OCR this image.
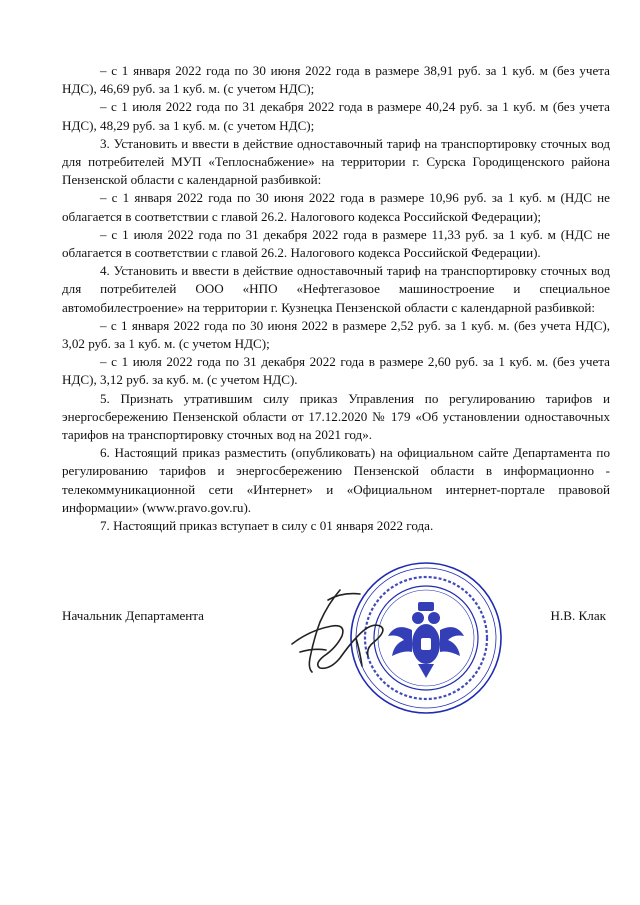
– с 1 января 2022 года по 30 июня 2022 года в размере 38,91 руб. за 1 куб. м (без учета НДС), 46,69 руб. за 1 куб. м. (с учетом НДС);

– с 1 июля 2022 года по 31 декабря 2022 года в размере 40,24 руб. за 1 куб. м (без учета НДС), 48,29 руб. за 1 куб. м. (с учетом НДС);

3. Установить и ввести в действие одноставочный тариф на транспортировку сточных вод для потребителей МУП «Теплоснабжение» на территории г. Сурска Городищенского района Пензенской области с календарной разбивкой:

– с 1 января 2022 года по 30 июня 2022 года в размере 10,96 руб. за 1 куб. м (НДС не облагается в соответствии с главой 26.2. Налогового кодекса Российской Федерации);

– с 1 июля 2022 года по 31 декабря 2022 года в размере 11,33 руб. за 1 куб. м (НДС не облагается в соответствии с главой 26.2. Налогового кодекса Российской Федерации).

4. Установить и ввести в действие одноставочный тариф на транспортировку сточных вод для потребителей ООО «НПО «Нефтегазовое машиностроение и специальное автомобилестроение» на территории г. Кузнецка Пензенской области с календарной разбивкой:

– с 1 января 2022 года по 30 июня 2022 в размере 2,52 руб. за 1 куб. м. (без учета НДС), 3,02 руб. за 1 куб. м. (с учетом НДС);

– с 1 июля 2022 года по 31 декабря 2022 года в размере 2,60 руб. за 1 куб. м. (без учета НДС), 3,12 руб. за куб. м. (с учетом НДС).

5. Признать утратившим силу приказ Управления по регулированию тарифов и энергосбережению Пензенской области от 17.12.2020 № 179 «Об установлении одноставочных тарифов на транспортировку сточных вод на 2021 год».

6. Настоящий приказ разместить (опубликовать) на официальном сайте Департамента по регулированию тарифов и энергосбережению Пензенской области в информационно - телекоммуникационной сети «Интернет» и «Официальном интернет-портале правовой информации» (www.pravo.gov.ru).

7. Настоящий приказ вступает в силу с 01 января 2022 года.

Начальник Департамента	Н.В. Клак
